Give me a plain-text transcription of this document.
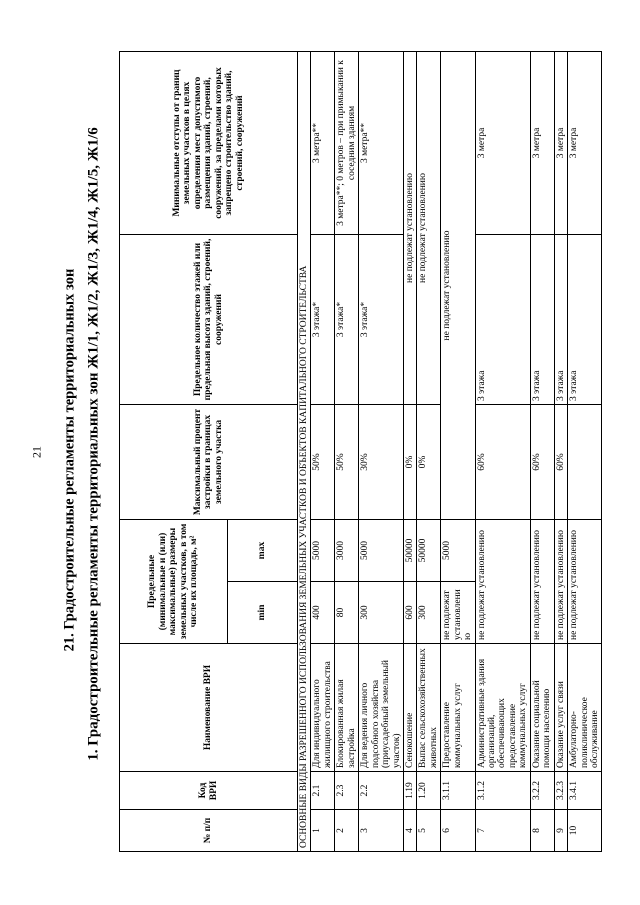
21 21. Градостроительные регламенты территориальных зон 1. Градостроительные регламенты территориальных зон Ж1/1, Ж1/2, Ж1/3, Ж1/4, Ж1/5, Ж1/6
№ п/п	Код ВРИ	Наименование ВРИ	Предельные (минимальные и (или) максимальные) размеры земельных участков, в том числе их площадь, м²		Максимальный процент застройки в границах земельного участка	Предельное количество этажей или предельная высота зданий, строений, сооружений	Минимальные отступы от границ земельных участков в целях определения мест допустимого размещения зданий, строений, сооружений, за пределами которых запрещено строительство зданий, строений, сооружений
			min	max			
ОСНОВНЫЕ ВИДЫ РАЗРЕШЕННОГО ИСПОЛЬЗОВАНИЯ ЗЕМЕЛЬНЫХ УЧАСТКОВ И ОБЪЕКТОВ КАПИТАЛЬНОГО СТРОИТЕЛЬСТВА							
1	2.1	Для индивидуального жилищного строительства	400	5000	50%	3 этажа*	3 метра**
2	2.3	Блокированная жилая застройка	80	3000	50%	3 этажа*	3 метра**; 0 метров – при примыкании к соседним зданиям
3	2.2	Для ведения личного подсобного хозяйства (приусадебный земельный участок)	300	5000	30%	3 этажа*	3 метра**
4	1.19	Сенокошение	600	50000	0%	не подлежат установлению	
5	1.20	Выпас сельскохозяйственных животных	300	50000	0%	не подлежат установлению	
6	3.1.1	Предоставление коммунальных услуг	не подлежат установлению	5000	не подлежат установлению		
7	3.1.2	Административные здания организаций, обеспечивающих предоставление коммунальных услуг	не подлежат установлению		60%	3 этажа	3 метра
8	3.2.2	Оказание социальной помощи населению	не подлежат установлению		60%	3 этажа	3 метра
9	3.2.3	Оказание услуг связи	не подлежат установлению		60%	3 этажа	3 метра
10	3.4.1	Амбулаторно-поликлиническое обслуживание	не подлежат установлению			3 этажа	3 метра
